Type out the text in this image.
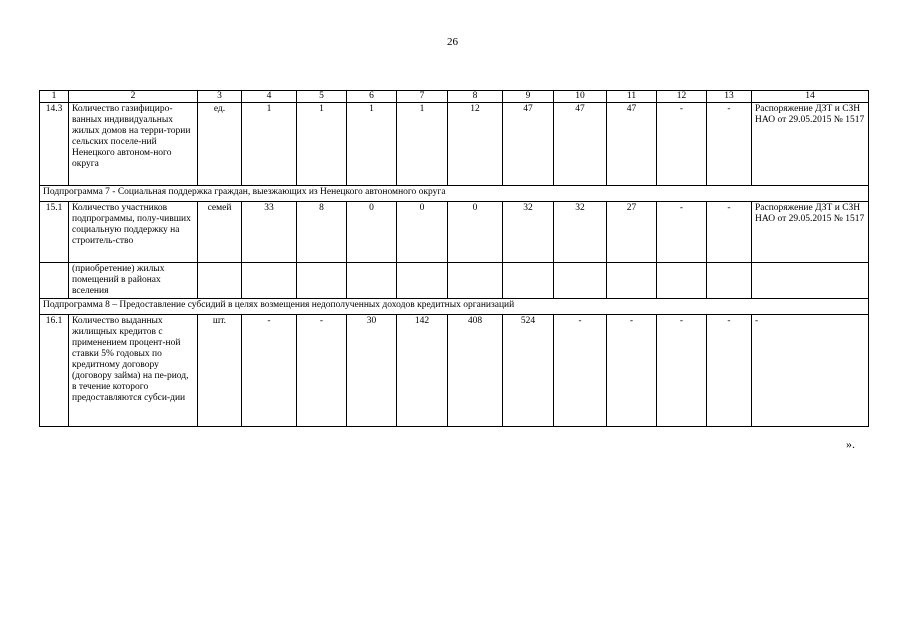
26
1	2	3	4	5	6	7	8	9	10	11	12	13	14
14.3	Количество газифициро-ванных индивидуальных жилых домов на терри-тории сельских поселе-ний Ненецкого автоном-ного округа	ед.	1	1	1	1	12	47	47	47	-	-	Распоряжение ДЗТ и СЗН НАО от 29.05.2015 № 1517
Подпрограмма 7 - Социальная поддержка граждан, выезжающих из Ненецкого автономного округа													
15.1	Количество участников подпрограммы, полу-чивших социальную поддержку на строитель-ство	семей	33	8	0	0	0	32	32	27	-	-	Распоряжение ДЗТ и СЗН НАО от 29.05.2015 № 1517
	(приобретение) жилых помещений в районах вселения												
Подпрограмма 8 – Предоставление субсидий в целях возмещения недополученных доходов кредитных организаций													
16.1	Количество выданных жилищных кредитов с применением процент-ной ставки 5% годовых по кредитному договору (договору займа) на пе-риод, в течение которого предоставляются субси-дии	шт.	-	-	30	142	408	524	-	-	-	-	-
».
